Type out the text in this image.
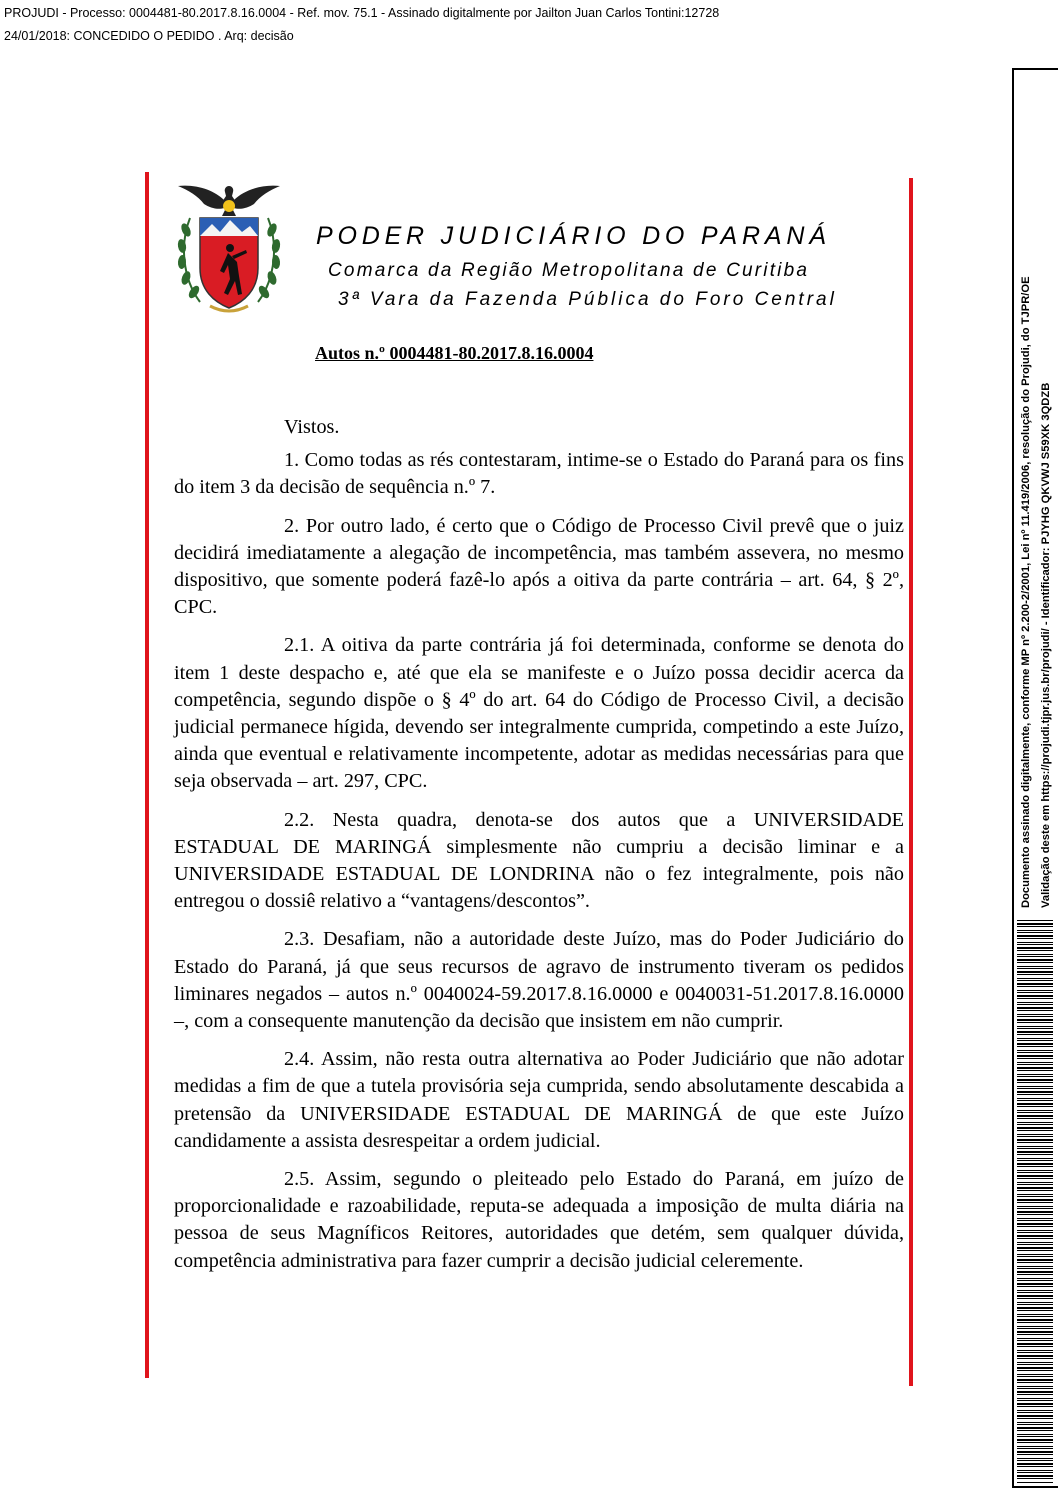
PROJUDI - Processo: 0004481-80.2017.8.16.0004 - Ref. mov. 75.1 - Assinado digitalmente por Jailton Juan Carlos Tontini:12728
24/01/2018: CONCEDIDO O PEDIDO . Arq: decisão
PODER JUDICIÁRIO DO PARANÁ
Comarca da Região Metropolitana de Curitiba
3ª Vara da Fazenda Pública do Foro Central
Autos n.º 0004481-80.2017.8.16.0004

Vistos.

1. Como todas as rés contestaram, intime-se o Estado do Paraná para os fins do item 3 da decisão de sequência n.º 7.

2. Por outro lado, é certo que o Código de Processo Civil prevê que o juiz decidirá imediatamente a alegação de incompetência, mas também assevera, no mesmo dispositivo, que somente poderá fazê-lo após a oitiva da parte contrária – art. 64, § 2º, CPC.

2.1. A oitiva da parte contrária já foi determinada, conforme se denota do item 1 deste despacho e, até que ela se manifeste e o Juízo possa decidir acerca da competência, segundo dispõe o § 4º do art. 64 do Código de Processo Civil, a decisão judicial permanece hígida, devendo ser integralmente cumprida, competindo a este Juízo, ainda que eventual e relativamente incompetente, adotar as medidas necessárias para que seja observada – art. 297, CPC.

2.2. Nesta quadra, denota-se dos autos que a UNIVERSIDADE ESTADUAL DE MARINGÁ simplesmente não cumpriu a decisão liminar e a UNIVERSIDADE ESTADUAL DE LONDRINA não o fez integralmente, pois não entregou o dossiê relativo a “vantagens/descontos”.

2.3. Desafiam, não a autoridade deste Juízo, mas do Poder Judiciário do Estado do Paraná, já que seus recursos de agravo de instrumento tiveram os pedidos liminares negados – autos n.º 0040024-59.2017.8.16.0000 e 0040031-51.2017.8.16.0000 –, com a consequente manutenção da decisão que insistem em não cumprir.

2.4. Assim, não resta outra alternativa ao Poder Judiciário que não adotar medidas a fim de que a tutela provisória seja cumprida, sendo absolutamente descabida a pretensão da UNIVERSIDADE ESTADUAL DE MARINGÁ de que este Juízo candidamente a assista desrespeitar a ordem judicial.

2.5. Assim, segundo o pleiteado pelo Estado do Paraná, em juízo de proporcionalidade e razoabilidade, reputa-se adequada a imposição de multa diária na pessoa de seus Magníficos Reitores, autoridades que detém, sem qualquer dúvida, competência administrativa para fazer cumprir a decisão judicial celeremente.

Documento assinado digitalmente, conforme MP nº 2.200-2/2001, Lei nº 11.419/2006, resolução do Projudi, do TJPR/OE Validação deste em https://projudi.tjpr.jus.br/projudi/ - Identificador: PJYHG QKVWJ S59XK 3QDZB
